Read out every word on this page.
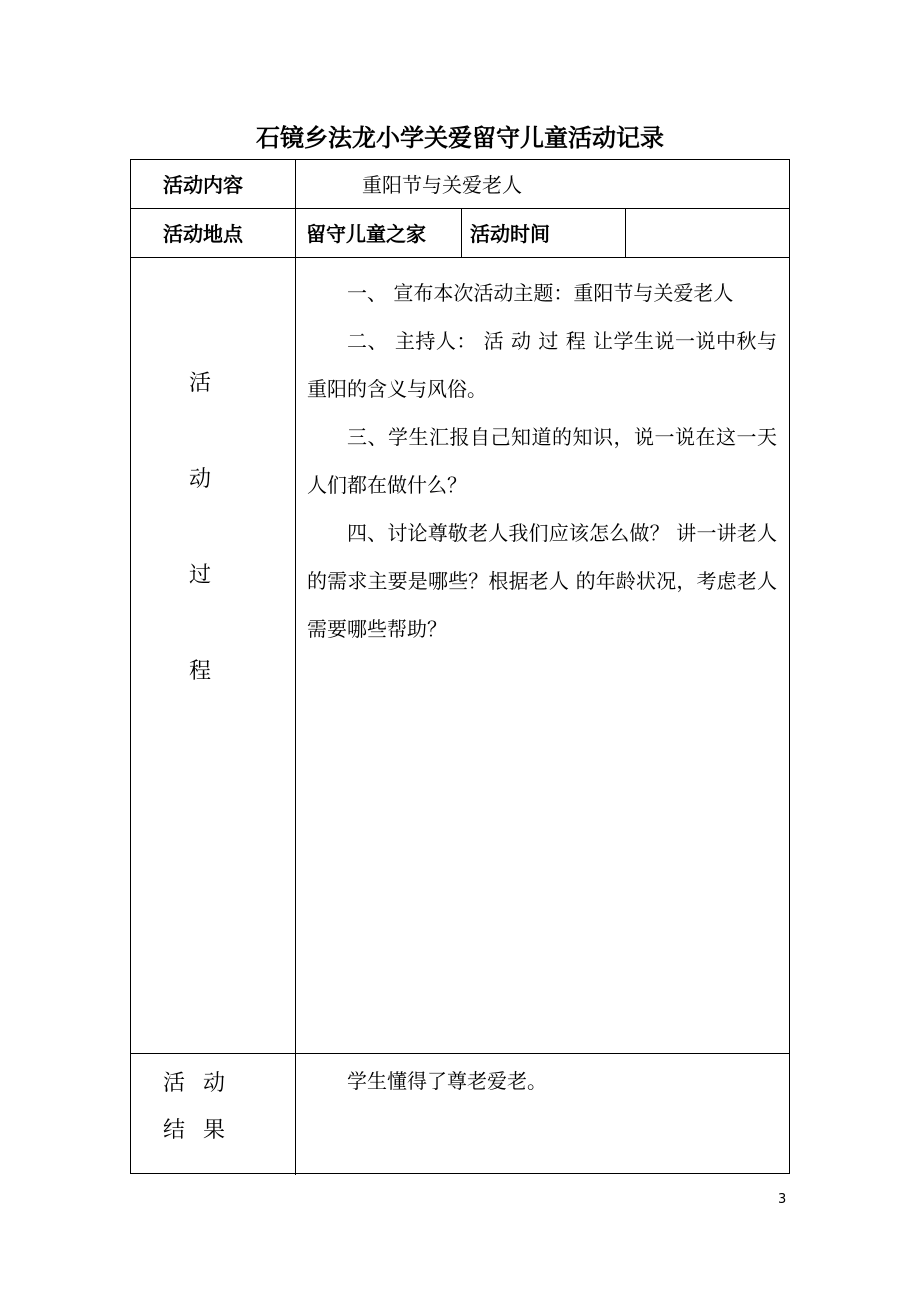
石镜乡法龙小学关爱留守儿童活动记录
活动内容	重阳节与关爱老人
活动地点	留守儿童之家 活动时间
活
动
过
程

一、 宣布本次活动主题：重阳节与关爱老人

二、 主持人： 活 动 过 程 让学生说一说中秋与重阳的含义与风俗。

三、学生汇报自己知道的知识，说一说在这一天人们都在做什么？

四、讨论尊敬老人我们应该怎么做？ 讲一讲老人的需求主要是哪些？根据老人 的年龄状况，考虑老人需要哪些帮助？

活动
结果
学生懂得了尊老爱老。
3
